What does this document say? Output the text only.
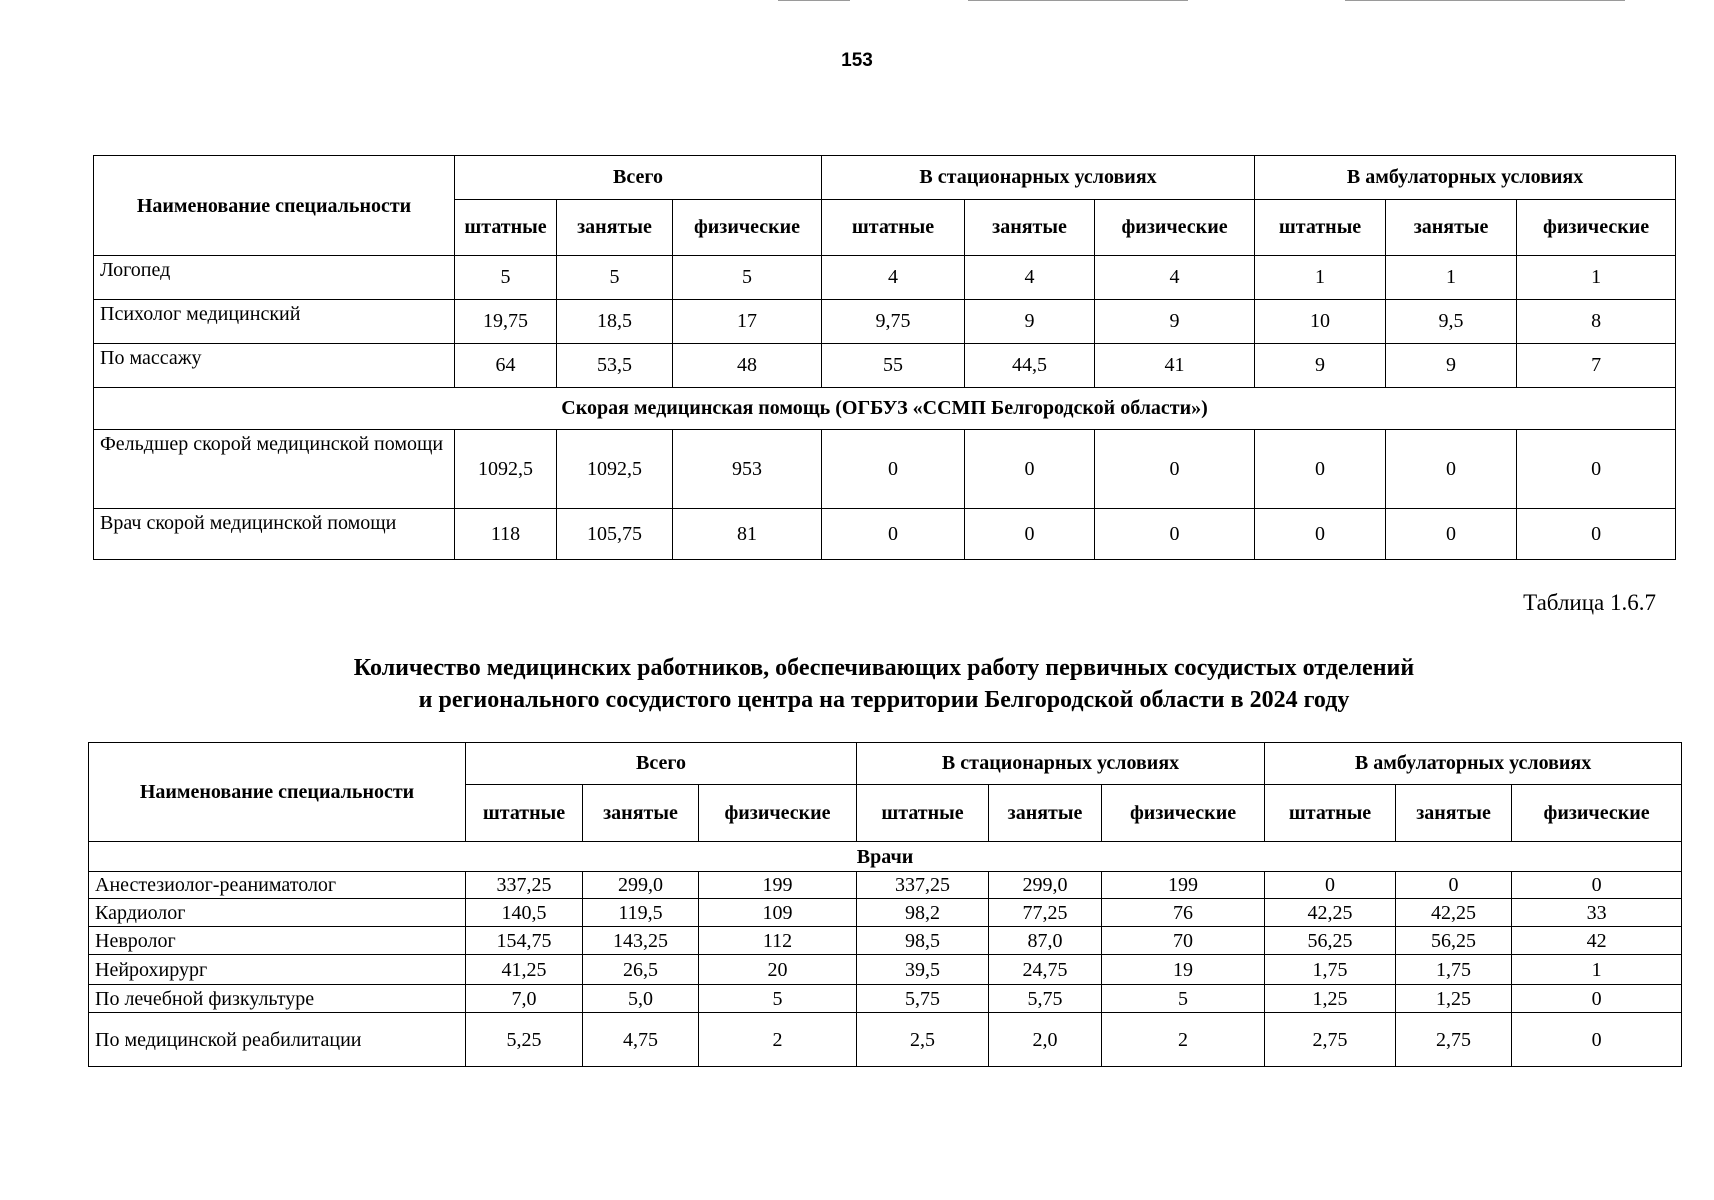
153
Наименование специальности	Всего			В стационарных условиях			В амбулаторных условиях		
	штатные	занятые	физические	штатные	занятые	физические	штатные	занятые	физические
Логопед	5	5	5	4	4	4	1	1	1
Психолог медицинский	19,75	18,5	17	9,75	9	9	10	9,5	8
По массажу	64	53,5	48	55	44,5	41	9	9	7
Скорая медицинская помощь (ОГБУЗ «ССМП Белгородской области»)									
Фельдшер скорой медицинской помощи	1092,5	1092,5	953	0	0	0	0	0	0
Врач скорой медицинской помощи	118	105,75	81	0	0	0	0	0	0
Таблица 1.6.7
Количество медицинских работников, обеспечивающих работу первичных сосудистых отделений
и регионального сосудистого центра на территории Белгородской области в 2024 году
Наименование специальности	Всего			В стационарных условиях			В амбулаторных условиях		
	штатные	занятые	физические	штатные	занятые	физические	штатные	занятые	физические
Врачи									
Анестезиолог-реаниматолог	337,25	299,0	199	337,25	299,0	199	0	0	0
Кардиолог	140,5	119,5	109	98,2	77,25	76	42,25	42,25	33
Невролог	154,75	143,25	112	98,5	87,0	70	56,25	56,25	42
Нейрохирург	41,25	26,5	20	39,5	24,75	19	1,75	1,75	1
По лечебной физкультуре	7,0	5,0	5	5,75	5,75	5	1,25	1,25	0
По медицинской реабилитации	5,25	4,75	2	2,5	2,0	2	2,75	2,75	0
